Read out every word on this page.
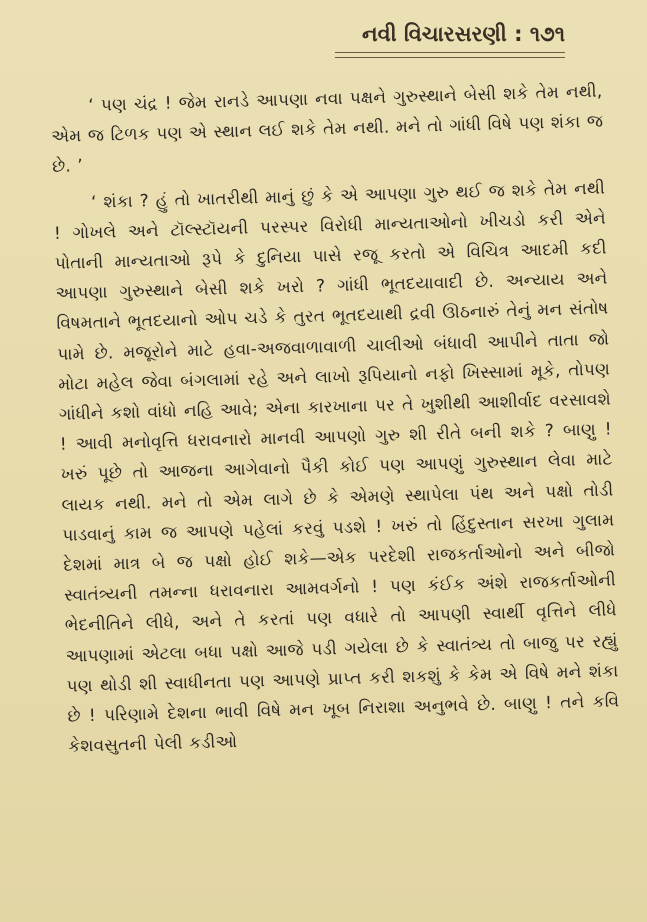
નવી વિચારસરણી : ૧૭૧

‘ પણ ચંદ્ર ! જેમ રાનડે આપણા નવા પક્ષને ગુરુસ્થાને બેસી શકે તેમ નથી, એમ જ ટિળક પણ એ સ્થાન લઈ શકે તેમ નથી. મને તો ગાંધી વિષે પણ શંકા જ છે. ’

‘ શંકા ? હું તો ખાતરીથી માનું છું કે એ આપણા ગુરુ થઈ જ શકે તેમ નથી ! ગોખલે અને ટૉલ્સ્ટૉયની પરસ્પર વિરોધી માન્યતાઓનો ખીચડો કરી એને પોતાની માન્યતાઓ રૂપે કે દુનિયા પાસે રજૂ કરતો એ વિચિત્ર આદમી કદી આપણા ગુરુસ્થાને બેસી શકે ખરો ? ગાંધી ભૂતદયાવાદી છે. અન્યાય અને વિષમતાને ભૂતદયાનો ઓપ ચડે કે તુરત ભૂતદયાથી દ્રવી ઊઠનારું તેનું મન સંતોષ પામે છે. મજૂરોને માટે હવા-અજવાળાવાળી ચાલીઓ બંધાવી આપીને તાતા જો મોટા મહેલ જેવા બંગલામાં રહે અને લાખો રૂપિયાનો નફો ખિસ્સામાં મૂકે, તોપણ ગાંધીને કશો વાંધો નહિ આવે; એના કારખાના પર તે ખુશીથી આશીર્વાદ વરસાવશે ! આવી મનોવૃત્તિ ધરાવનારો માનવી આપણો ગુરુ શી રીતે બની શકે ? બાણુ ! ખરું પૂછે તો આજના આગેવાનો પૈકી કોઈ પણ આપણું ગુરુસ્થાન લેવા માટે લાયક નથી. મને તો એમ લાગે છે કે એમણે સ્થાપેલા પંથ અને પક્ષો તોડી પાડવાનું કામ જ આપણે પહેલાં કરવું પડશે ! ખરું તો હિંદુસ્તાન સરખા ગુલામ દેશમાં માત્ર બે જ પક્ષો હોઈ શકે—એક પરદેશી રાજકર્તાઓનો અને બીજો સ્વાતંત્ર્યની તમન્ના ધરાવનારા આમવર્ગનો ! પણ કંઈક અંશે રાજકર્તાઓની ભેદનીતિને લીધે, અને તે કરતાં પણ વધારે તો આપણી સ્વાર્થી વૃત્તિને લીધે આપણામાં એટલા બધા પક્ષો આજે પડી ગયેલા છે કે સ્વાતંત્ર્ય તો બાજુ પર રહ્યું પણ થોડી શી સ્વાધીનતા પણ આપણે પ્રાપ્ત કરી શકશું કે કેમ એ વિષે મને શંકા છે ! પરિણામે દેશના ભાવી વિષે મન ખૂબ નિરાશા અનુભવે છે. બાણુ ! તને કવિ કેશવસુતની પેલી કડીઓ
